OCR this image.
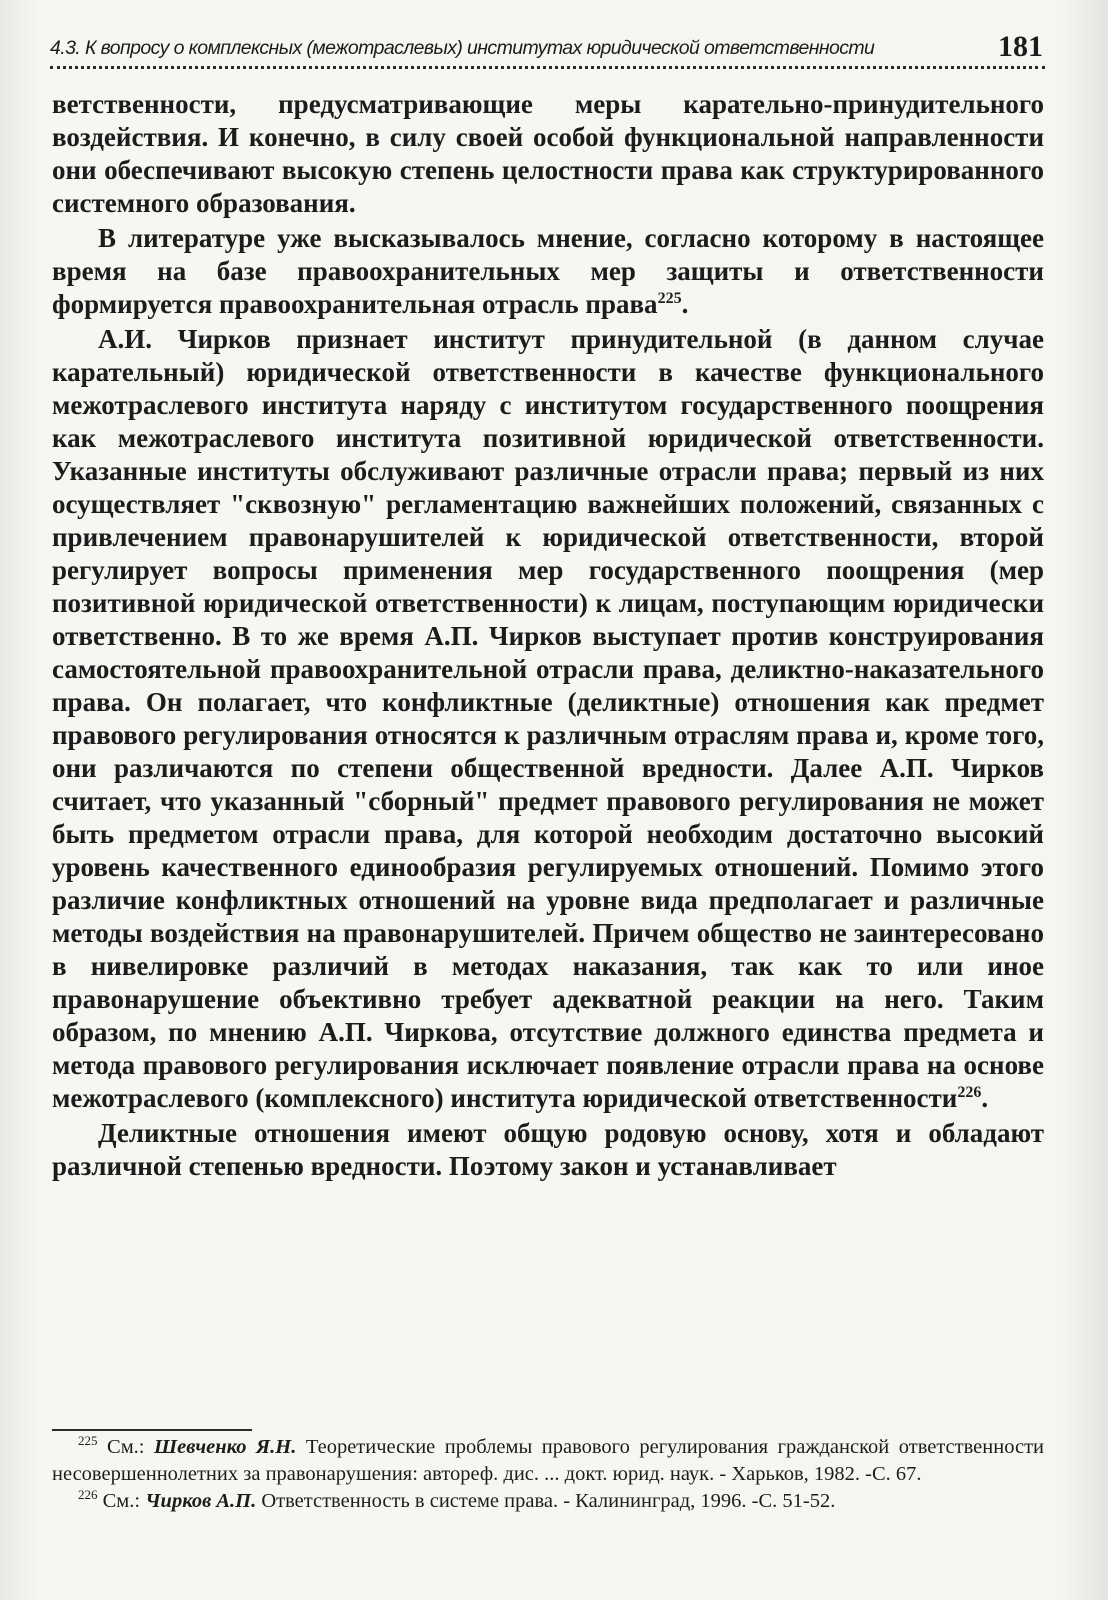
4.3. К вопросу о комплексных (межотраслевых) институтах юридической ответственности	181

ветственности, предусматривающие меры карательно-принудительного воздействия. И конечно, в силу своей особой функциональной направленности они обеспечивают высокую степень целостности права как структурированного системного образования.

В литературе уже высказывалось мнение, согласно которому в настоящее время на базе правоохранительных мер защиты и ответственности формируется правоохранительная отрасль права$^{225}$.

А.И. Чирков признает институт принудительной (в данном случае карательный) юридической ответственности в качестве функционального межотраслевого института наряду с институтом государственного поощрения как межотраслевого института позитивной юридической ответственности. Указанные институты обслуживают различные отрасли права; первый из них осуществляет "сквозную" регламентацию важнейших положений, связанных с привлечением правонарушителей к юридической ответственности, второй регулирует вопросы применения мер государственного поощрения (мер позитивной юридической ответственности) к лицам, поступающим юридически ответственно. В то же время А.П. Чирков выступает против конструирования самостоятельной правоохранительной отрасли права, деликтно-наказательного права. Он полагает, что конфликтные (деликтные) отношения как предмет правового регулирования относятся к различным отраслям права и, кроме того, они различаются по степени общественной вредности. Далее А.П. Чирков считает, что указанный "сборный" предмет правового регулирования не может быть предметом отрасли права, для которой необходим достаточно высокий уровень качественного единообразия регулируемых отношений. Помимо этого различие конфликтных отношений на уровне вида предполагает и различные методы воздействия на правонарушителей. Причем общество не заинтересовано в нивелировке различий в методах наказания, так как то или иное правонарушение объективно требует адекватной реакции на него. Таким образом, по мнению А.П. Чиркова, отсутствие должного единства предмета и метода правового регулирования исключает появление отрасли права на основе межотраслевого (комплексного) института юридической ответственности$^{226}$.

Деликтные отношения имеют общую родовую основу, хотя и обладают различной степенью вредности. Поэтому закон и устанавливает

$^{225}$ См.: Шевченко Я.Н. Теоретические проблемы правового регулирования гражданской ответственности несовершеннолетних за правонарушения: автореф. дис. ... докт. юрид. наук. - Харьков, 1982. -С. 67.

$^{226}$ См.: Чирков А.П. Ответственность в системе права. - Калининград, 1996. -С. 51-52.
